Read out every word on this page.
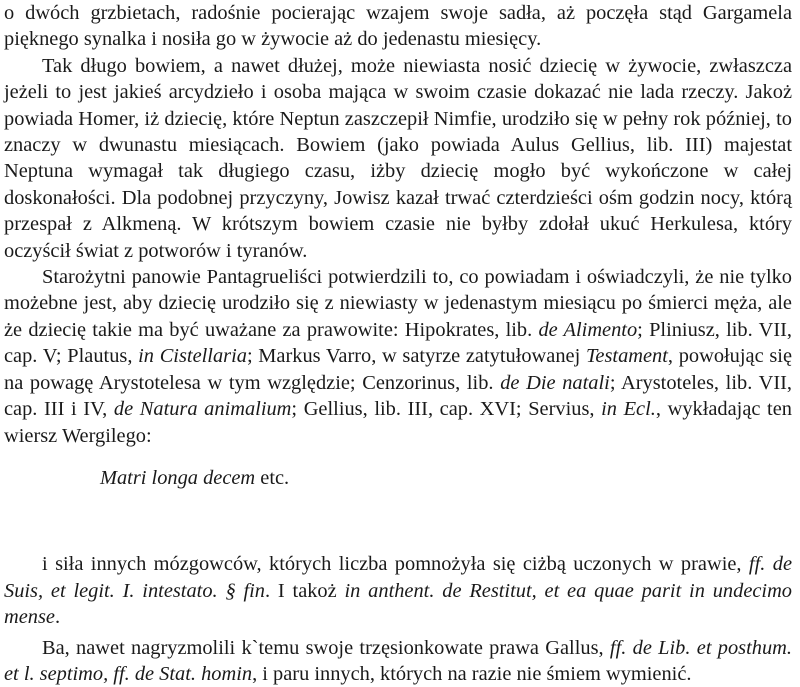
o dwóch grzbietach, radośnie pocierając wzajem swoje sadła, aż poczęła stąd Gargamela pięknego synalka i nosiła go w żywocie aż do jedenastu miesięcy.

Tak długo bowiem, a nawet dłużej, może niewiasta nosić dziecię w żywocie, zwłaszcza jeżeli to jest jakieś arcydzieło i osoba mająca w swoim czasie dokazać nie lada rzeczy. Jakoż powiada Homer, iż dziecię, które Neptun zaszczepił Nimfie, urodziło się w pełny rok później, to znaczy w dwunastu miesiącach. Bowiem (jako powiada Aulus Gellius, lib. III) majestat Neptuna wymagał tak długiego czasu, iżby dziecię mogło być wykończone w całej doskonałości. Dla podobnej przyczyny, Jowisz kazał trwać czterdzieści ośm godzin nocy, którą przespał z Alkmeną. W krótszym bowiem czasie nie byłby zdołał ukuć Herkulesa, który oczyścił świat z potworów i tyranów.

Starożytni panowie Pantagrueliści potwierdzili to, co powiadam i oświadczyli, że nie tylko możebne jest, aby dziecię urodziło się z niewiasty w jedenastym miesiącu po śmierci męża, ale że dziecię takie ma być uważane za prawowite: Hipokrates, lib. de Alimento; Pliniusz, lib. VII, cap. V; Plautus, in Cistellaria; Markus Varro, w satyrze zatytułowanej Testament, powołując się na powagę Arystotelesa w tym względzie; Cenzorinus, lib. de Die natali; Arystoteles, lib. VII, cap. III i IV, de Natura animalium; Gellius, lib. III, cap. XVI; Servius, in Ecl., wykładając ten wiersz Wergilego:

Matri longa decem etc.

i siła innych mózgowców, których liczba pomnożyła się ciżbą uczonych w prawie, ff. de Suis, et legit. I. intestato. § fin. I takoż in anthent. de Restitut, et ea quae parit in undecimo mense.

Ba, nawet nagryzmolili k`temu swoje trzęsionkowate prawa Gallus, ff. de Lib. et posthum. et l. septimo, ff. de Stat. homin, i paru innych, których na razie nie śmiem wymienić.
